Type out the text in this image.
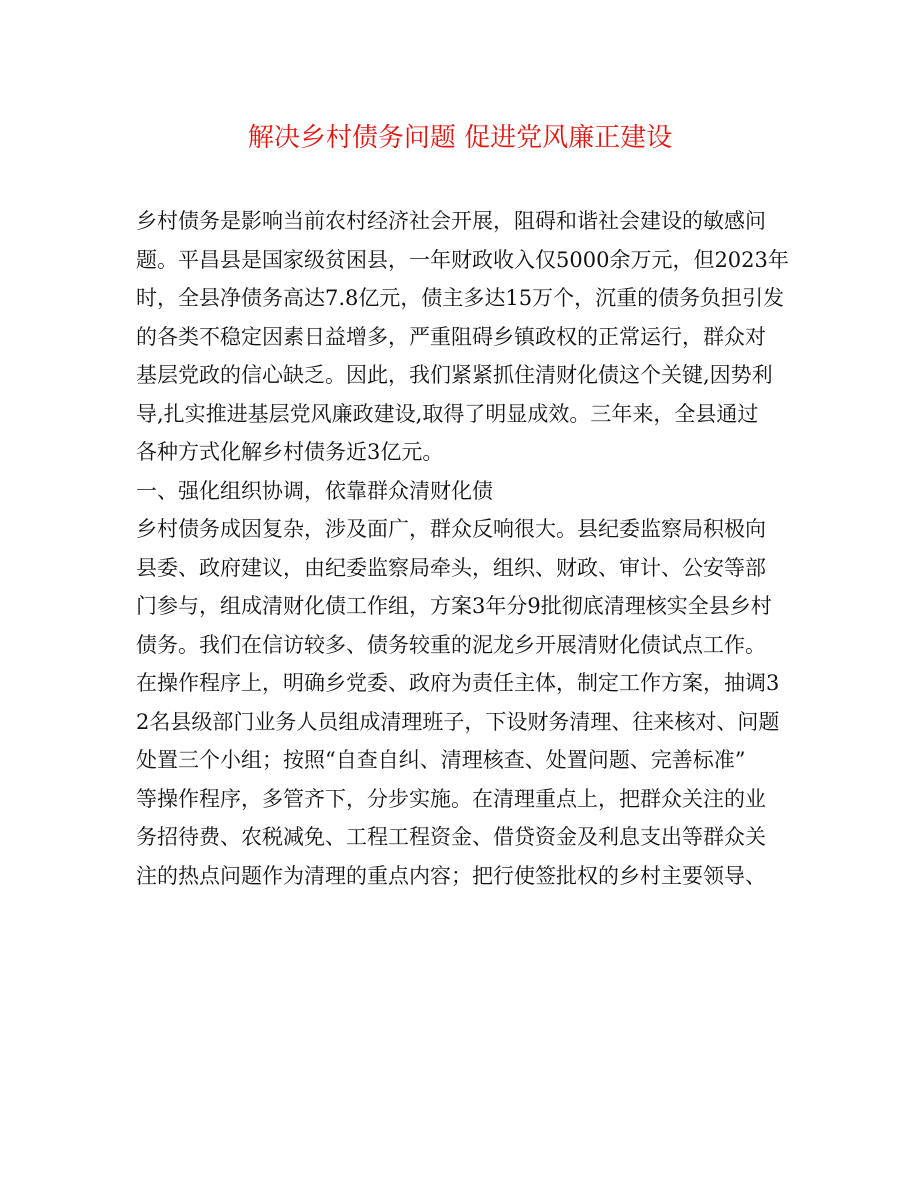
解决乡村债务问题 促进党风廉正建设
乡村债务是影响当前农村经济社会开展，阻碍和谐社会建设的敏感问
题。平昌县是国家级贫困县，一年财政收入仅5000余万元，但2023年
时，全县净债务高达7.8亿元，债主多达15万个，沉重的债务负担引发
的各类不稳定因素日益增多，严重阻碍乡镇政权的正常运行，群众对
基层党政的信心缺乏。因此，我们紧紧抓住清财化债这个关键,因势利
导,扎实推进基层党风廉政建设,取得了明显成效。三年来，全县通过
各种方式化解乡村债务近3亿元。
一、强化组织协调，依靠群众清财化债
乡村债务成因复杂，涉及面广，群众反响很大。县纪委监察局积极向
县委、政府建议，由纪委监察局牵头，组织、财政、审计、公安等部
门参与，组成清财化债工作组，方案3年分9批彻底清理核实全县乡村
债务。我们在信访较多、债务较重的泥龙乡开展清财化债试点工作。
在操作程序上，明确乡党委、政府为责任主体，制定工作方案，抽调3
2名县级部门业务人员组成清理班子，下设财务清理、往来核对、问题
处置三个小组；按照“自查自纠、清理核查、处置问题、完善标准”
等操作程序，多管齐下，分步实施。在清理重点上，把群众关注的业
务招待费、农税减免、工程工程资金、借贷资金及利息支出等群众关
注的热点问题作为清理的重点内容；把行使签批权的乡村主要领导、
